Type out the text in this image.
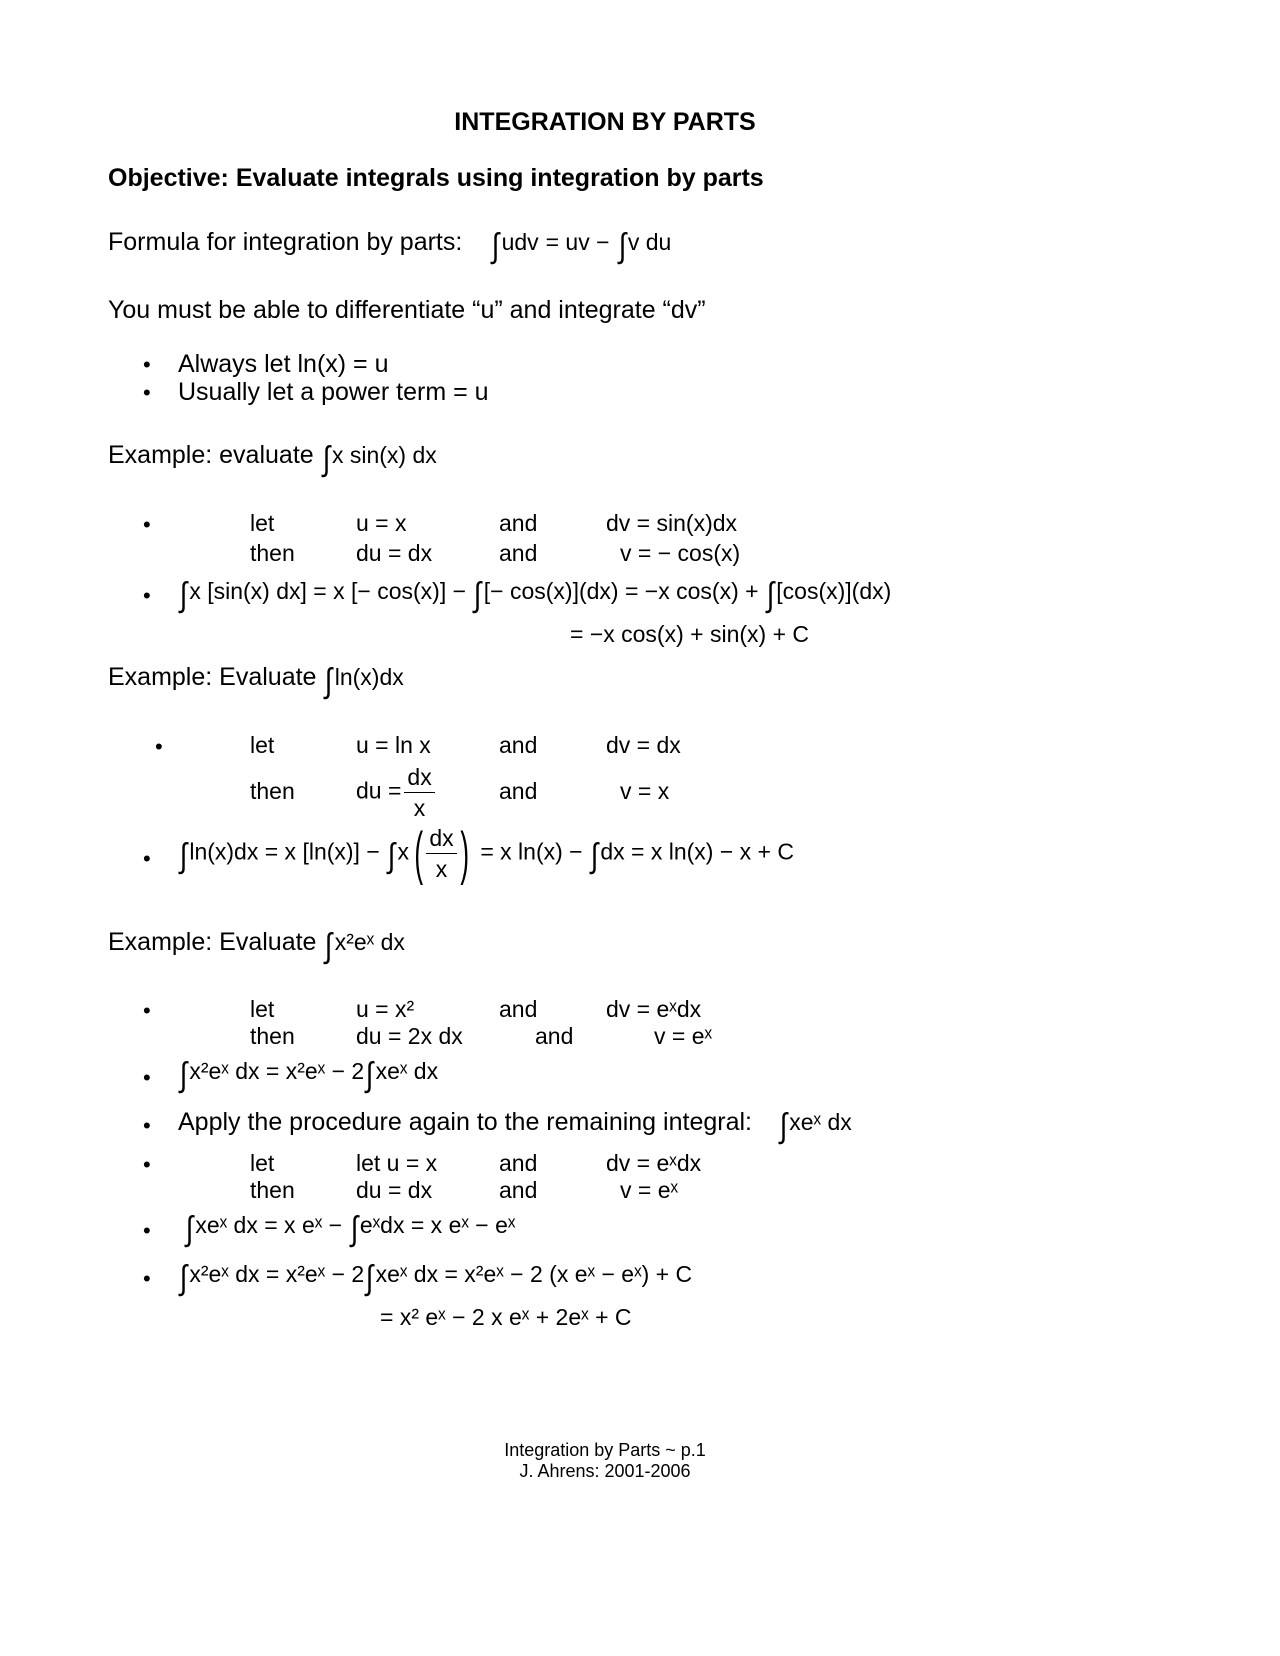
INTEGRATION BY PARTS
Objective: Evaluate integrals using integration by parts
Formula for integration by parts: ∫udv = uv − ∫v du
You must be able to differentiate “u” and integrate “dv”
• Always let ln(x) = u
• Usually let a power term = u
Example: evaluate ∫x sin(x) dx
•	let	u = x	and	dv = sin(x)dx
then	du = dx	and	v = − cos(x)
• ∫x [sin(x) dx] = x [− cos(x)] − ∫[− cos(x)](dx) = −x cos(x) + ∫[cos(x)](dx)
= −x cos(x) + sin(x) + C
Example: Evaluate ∫ln(x)dx
•	let	u = ln x	and	dv = dx
then	du = $\frac{dx}{x}$	and	v = x
• ∫ln(x)dx = x $[\ln(x)] - \int x( \frac{dx}{x}$ ) = x ln(x) − ∫dx = x ln(x) − x + C
Example: Evaluate ∫x²eˣ dx
•	let	u = x²	and	dv = eˣdx
then	du = 2x dx	and	v = eˣ
• ∫x²eˣ dx = x²eˣ − 2∫xeˣ dx
• Apply the procedure again to the remaining integral: ∫xeˣ dx
•	let	let u = x	and	dv = eˣdx
then	du = dx	and	v = eˣ
• ∫xeˣ dx = x eˣ − ∫eˣdx = x eˣ − eˣ
• ∫x²eˣ dx = x²eˣ − 2∫xeˣ dx = x²eˣ − 2 (x eˣ − eˣ) + C
= x² eˣ − 2 x eˣ + 2eˣ + C
Integration by Parts ~ p.1
J. Ahrens: 2001-2006
